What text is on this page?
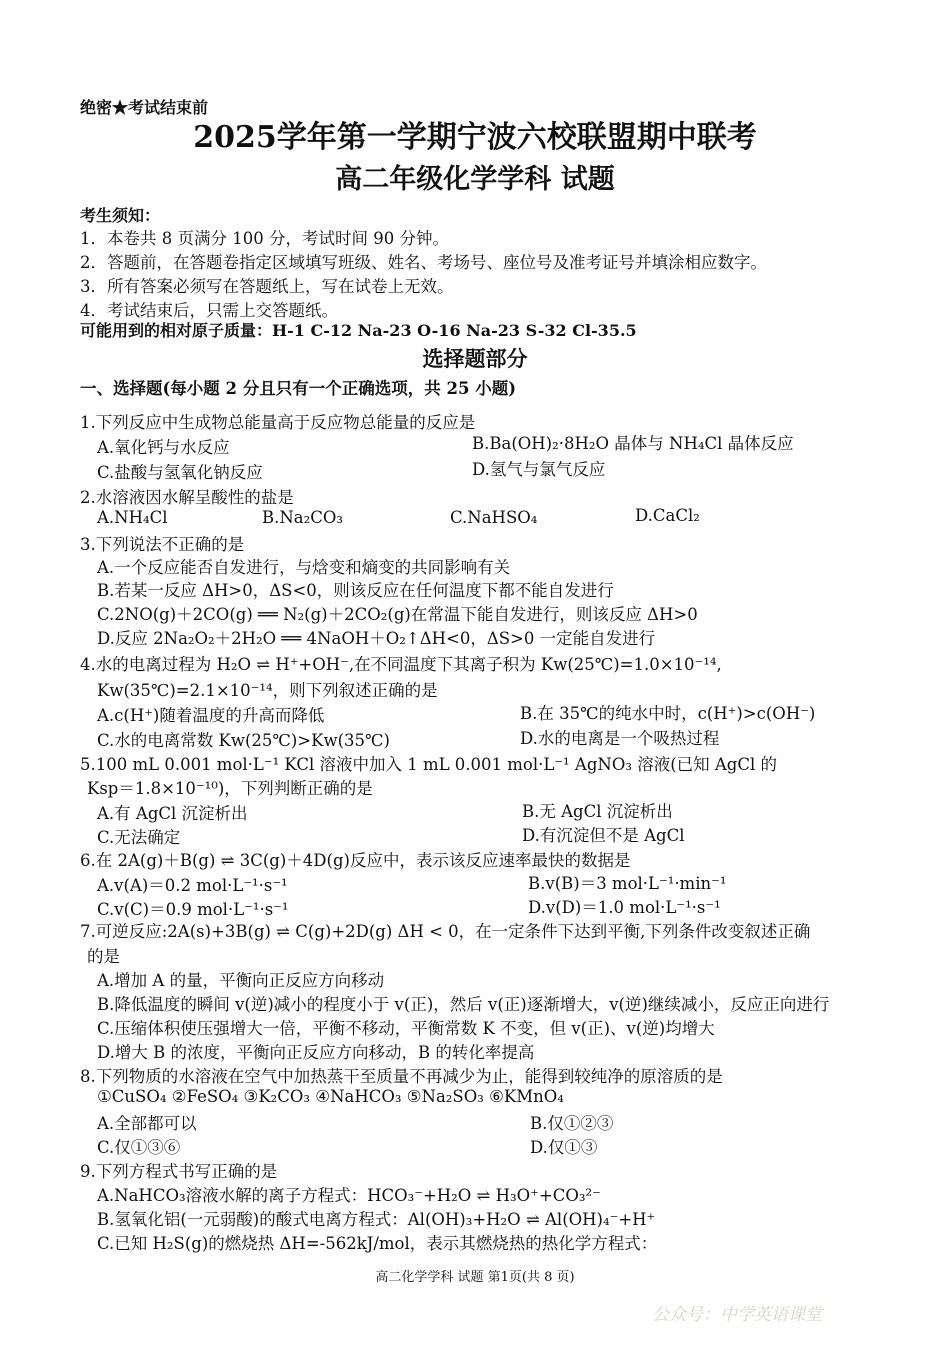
绝密★考试结束前
2025学年第一学期宁波六校联盟期中联考
高二年级化学学科 试题
考生须知：
1．本卷共 8 页满分 100 分，考试时间 90 分钟。
2．答题前，在答题卷指定区域填写班级、姓名、考场号、座位号及准考证号并填涂相应数字。
3．所有答案必须写在答题纸上，写在试卷上无效。
4．考试结束后，只需上交答题纸。
可能用到的相对原子质量：H-1 C-12 Na-23 O-16 Na-23 S-32 Cl-35.5
选择题部分
一、选择题(每小题 2 分且只有一个正确选项，共 25 小题)
1.下列反应中生成物总能量高于反应物总能量的反应是
A.氧化钙与水反应	B.Ba(OH)₂·8H₂O 晶体与 NH₄Cl 晶体反应
C.盐酸与氢氧化钠反应	D.氢气与氯气反应
2.水溶液因水解呈酸性的盐是
A.NH₄Cl	B.Na₂CO₃	C.NaHSO₄	D.CaCl₂
3.下列说法不正确的是
A.一个反应能否自发进行，与焓变和熵变的共同影响有关
B.若某一反应 ΔH>0，ΔS<0，则该反应在任何温度下都不能自发进行
C.2NO(g)＋2CO(g) ══ N₂(g)＋2CO₂(g)在常温下能自发进行，则该反应 ΔH>0
D.反应 2Na₂O₂＋2H₂O ══ 4NaOH＋O₂↑ΔH<0，ΔS>0 一定能自发进行
4.水的电离过程为 H₂O ⇌ H⁺+OH⁻,在不同温度下其离子积为 Kw(25℃)=1.0×10⁻¹⁴,
Kw(35℃)=2.1×10⁻¹⁴，则下列叙述正确的是
A.c(H⁺)随着温度的升高而降低	B.在 35℃的纯水中时，c(H⁺)>c(OH⁻)
C.水的电离常数 Kw(25℃)>Kw(35℃)	D.水的电离是一个吸热过程
5.100 mL 0.001 mol·L⁻¹ KCl 溶液中加入 1 mL 0.001 mol·L⁻¹ AgNO₃ 溶液(已知 AgCl 的
Ksp＝1.8×10⁻¹⁰)，下列判断正确的是
A.有 AgCl 沉淀析出	B.无 AgCl 沉淀析出
C.无法确定	D.有沉淀但不是 AgCl
6.在 2A(g)＋B(g) ⇌ 3C(g)＋4D(g)反应中，表示该反应速率最快的数据是
A.v(A)＝0.2 mol·L⁻¹·s⁻¹	B.v(B)＝3 mol·L⁻¹·min⁻¹
C.v(C)＝0.9 mol·L⁻¹·s⁻¹	D.v(D)＝1.0 mol·L⁻¹·s⁻¹
7.可逆反应:2A(s)+3B(g) ⇌ C(g)+2D(g) ΔH < 0，在一定条件下达到平衡,下列条件改变叙述正确
的是
A.增加 A 的量，平衡向正反应方向移动
B.降低温度的瞬间 v(逆)减小的程度小于 v(正)，然后 v(正)逐渐增大，v(逆)继续减小，反应正向进行
C.压缩体积使压强增大一倍，平衡不移动，平衡常数 K 不变，但 v(正)、v(逆)均增大
D.增大 B 的浓度，平衡向正反应方向移动，B 的转化率提高
8.下列物质的水溶液在空气中加热蒸干至质量不再减少为止，能得到较纯净的原溶质的是
①CuSO₄ ②FeSO₄ ③K₂CO₃ ④NaHCO₃ ⑤Na₂SO₃ ⑥KMnO₄
A.全部都可以	B.仅①②③
C.仅①③⑥	D.仅①③
9.下列方程式书写正确的是
A.NaHCO₃溶液水解的离子方程式：HCO₃⁻+H₂O ⇌ H₃O⁺+CO₃²⁻
B.氢氧化铝(一元弱酸)的酸式电离方程式：Al(OH)₃+H₂O ⇌ Al(OH)₄⁻+H⁺
C.已知 H₂S(g)的燃烧热 ΔH=-562kJ/mol，表示其燃烧热的热化学方程式：
高二化学学科 试题 第1页(共 8 页)
公众号：中学英语课堂
